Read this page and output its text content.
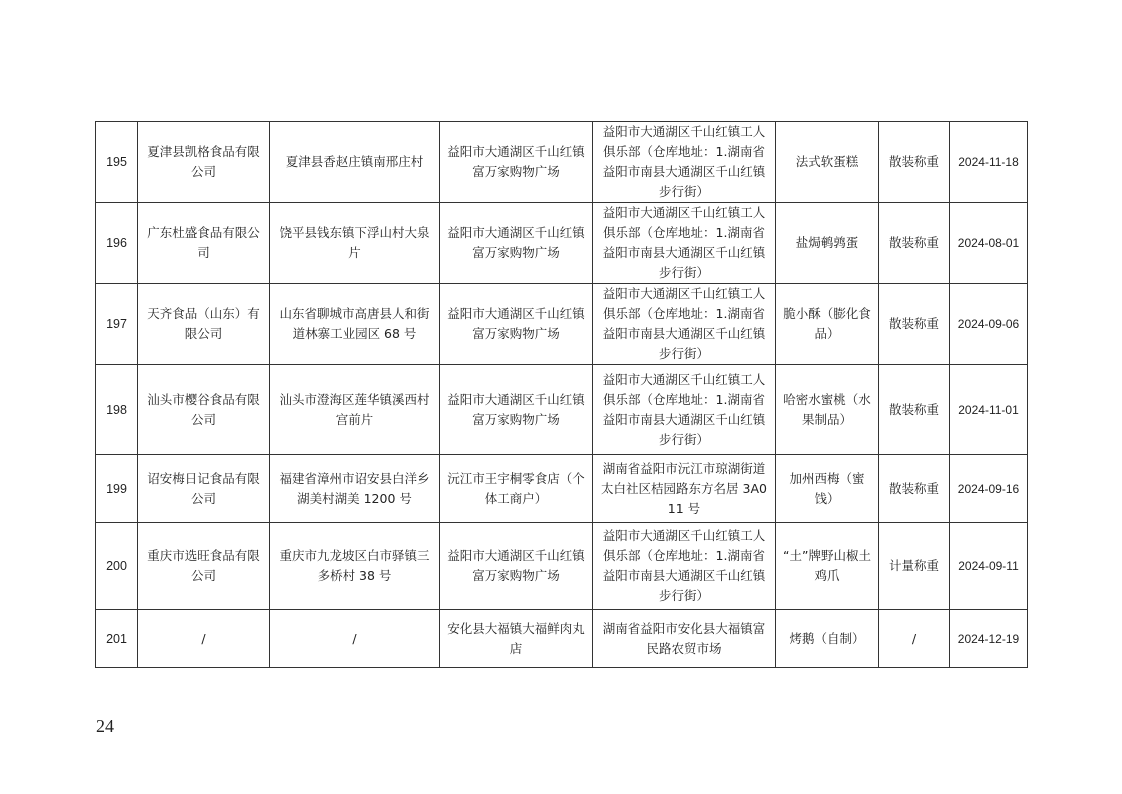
195	夏津县凯格食品有限公司	夏津县香赵庄镇南邢庄村	益阳市大通湖区千山红镇富万家购物广场	益阳市大通湖区千山红镇工人俱乐部（仓库地址：1.湖南省益阳市南县大通湖区千山红镇步行街）	法式软蛋糕	散装称重	2024-11-18
196	广东杜盛食品有限公司	饶平县钱东镇下浮山村大泉片	益阳市大通湖区千山红镇富万家购物广场	益阳市大通湖区千山红镇工人俱乐部（仓库地址：1.湖南省益阳市南县大通湖区千山红镇步行街）	盐焗鹌鹑蛋	散装称重	2024-08-01
197	天齐食品（山东）有限公司	山东省聊城市高唐县人和街道林寨工业园区 68 号	益阳市大通湖区千山红镇富万家购物广场	益阳市大通湖区千山红镇工人俱乐部（仓库地址：1.湖南省益阳市南县大通湖区千山红镇步行街）	脆小酥（膨化食品）	散装称重	2024-09-06
198	汕头市樱谷食品有限公司	汕头市澄海区莲华镇溪西村宫前片	益阳市大通湖区千山红镇富万家购物广场	益阳市大通湖区千山红镇工人俱乐部（仓库地址：1.湖南省益阳市南县大通湖区千山红镇步行街）	哈密水蜜桃（水果制品）	散装称重	2024-11-01
199	诏安梅日记食品有限公司	福建省漳州市诏安县白洋乡湖美村湖美 1200 号	沅江市王宇桐零食店（个体工商户）	湖南省益阳市沅江市琼湖街道太白社区桔园路东方名居 3A011 号	加州西梅（蜜饯）	散装称重	2024-09-16
200	重庆市选旺食品有限公司	重庆市九龙坡区白市驿镇三多桥村 38 号	益阳市大通湖区千山红镇富万家购物广场	益阳市大通湖区千山红镇工人俱乐部（仓库地址：1.湖南省益阳市南县大通湖区千山红镇步行街）	“土”牌野山椒土鸡爪	计量称重	2024-09-11
201	/	/	安化县大福镇大福鲜肉丸店	湖南省益阳市安化县大福镇富民路农贸市场	烤鹅（自制）	/	2024-12-19
24
